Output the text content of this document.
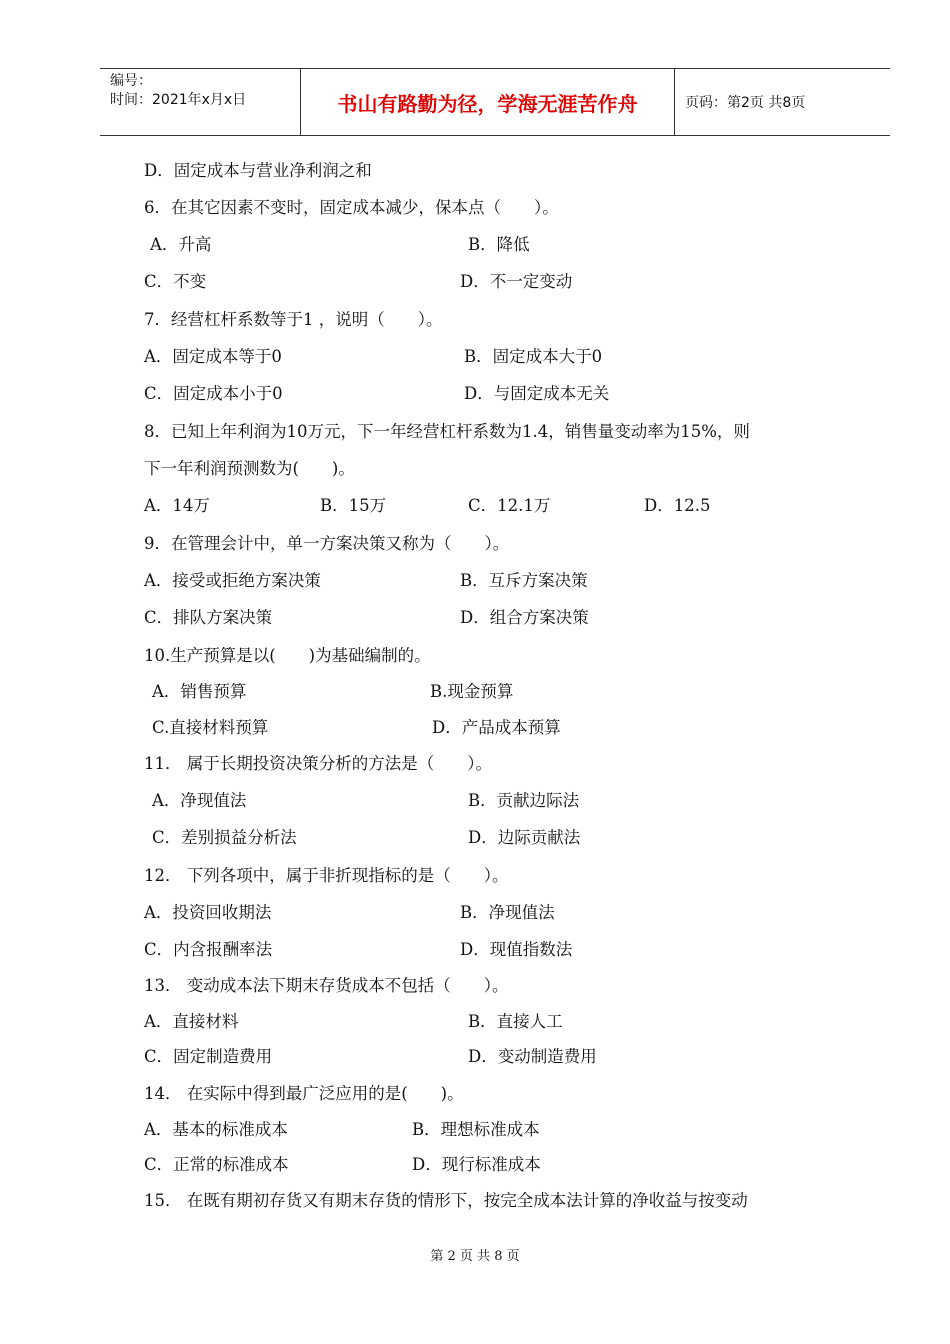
编号：
时间：2021年x月x日	书山有路勤为径，学海无涯苦作舟	页码：第2页 共8页
D．固定成本与营业净利润之和
6．在其它因素不变时，固定成本减少，保本点（　　）。
A．升高	B．降低
C．不变	D．不一定变动
7．经营杠杆系数等于1 ，说明（　　）。
A．固定成本等于0	B．固定成本大于0
C．固定成本小于0	D．与固定成本无关
8．已知上年利润为10万元，下一年经营杠杆系数为1.4，销售量变动率为15%，则
下一年利润预测数为(　　)。
A．14万	B．15万	C．12.1万	D．12.5
9．在管理会计中，单一方案决策又称为（　　）。
A．接受或拒绝方案决策	B．互斥方案决策
C．排队方案决策	D．组合方案决策
10.生产预算是以(　　)为基础编制的。
A．销售预算	B.现金预算
C.直接材料预算	D．产品成本预算
11． 属于长期投资决策分析的方法是（　　）。
A．净现值法	B．贡献边际法
C．差别损益分析法	D．边际贡献法
12． 下列各项中，属于非折现指标的是（　　）。
A．投资回收期法	B．净现值法
C．内含报酬率法	D．现值指数法
13． 变动成本法下期末存货成本不包括（　　）。
A．直接材料	B．直接人工
C．固定制造费用	D．变动制造费用
14． 在实际中得到最广泛应用的是(　　)。
A．基本的标准成本	B．理想标准成本
C．正常的标准成本	D．现行标准成本
15． 在既有期初存货又有期末存货的情形下，按完全成本法计算的净收益与按变动
第 2 页 共 8 页
